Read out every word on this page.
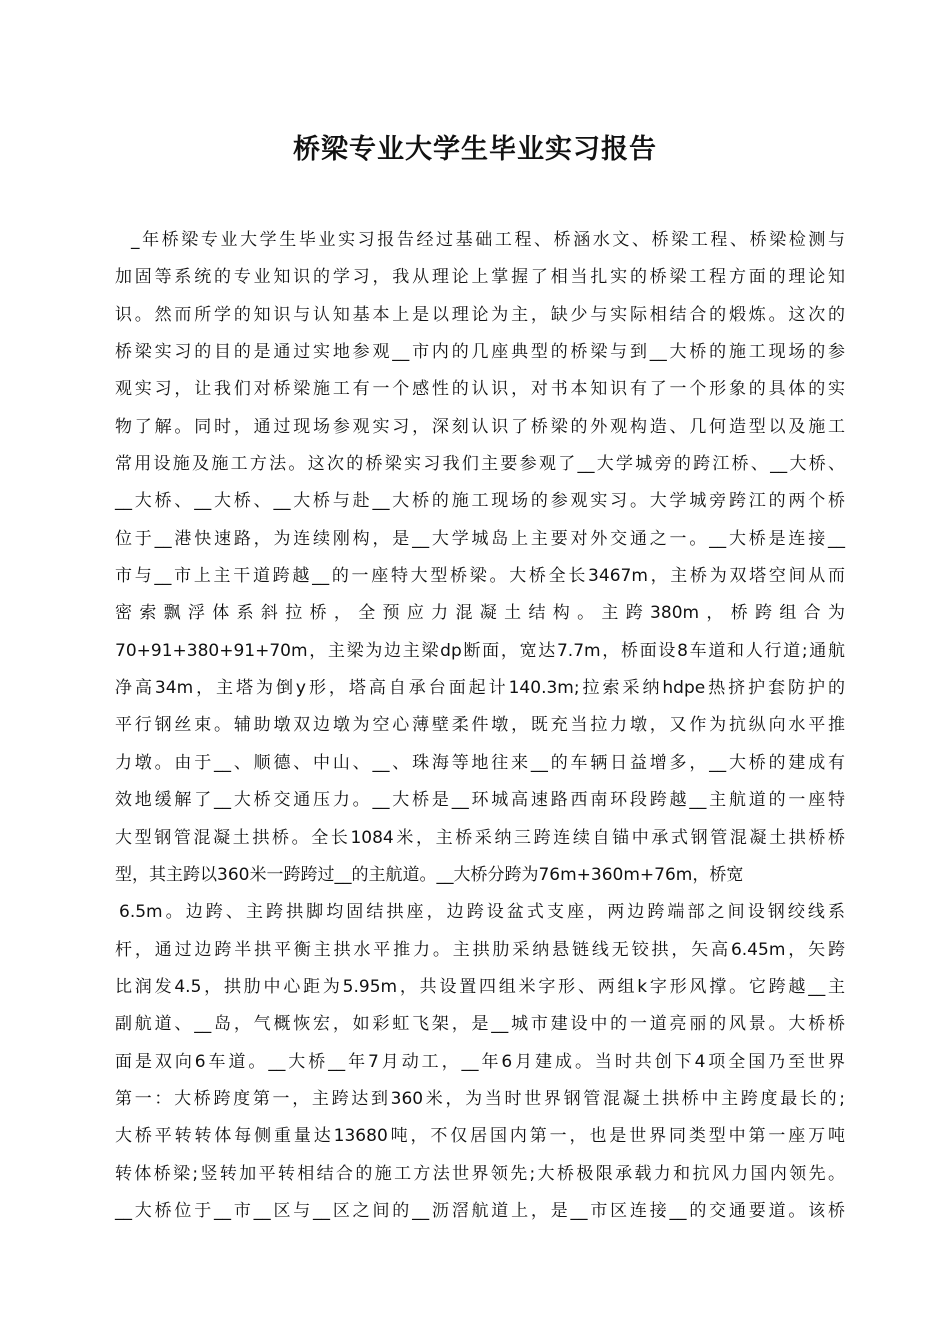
桥梁专业大学生毕业实习报告
_年桥梁专业大学生毕业实习报告经过基础工程、桥涵水文、桥梁工程、桥梁检测与
加固等系统的专业知识的学习，我从理论上掌握了相当扎实的桥梁工程方面的理论知
识。然而所学的知识与认知基本上是以理论为主，缺少与实际相结合的煅炼。这次的
桥梁实习的目的是通过实地参观__市内的几座典型的桥梁与到__大桥的施工现场的参
观实习，让我们对桥梁施工有一个感性的认识，对书本知识有了一个形象的具体的实
物了解。同时，通过现场参观实习，深刻认识了桥梁的外观构造、几何造型以及施工
常用设施及施工方法。这次的桥梁实习我们主要参观了__大学城旁的跨江桥、__大桥、
__大桥、__大桥、__大桥与赴__大桥的施工现场的参观实习。大学城旁跨江的两个桥
位于__港快速路，为连续刚构，是__大学城岛上主要对外交通之一。__大桥是连接__
市与__市上主干道跨越__的一座特大型桥梁。大桥全长3467m，主桥为双塔空间从而
密索飘浮体系斜拉桥，全预应力混凝土结构。主跨380m，桥跨组合为
70+91+380+91+70m，主梁为边主梁dp断面，宽达7.7m，桥面设8车道和人行道;通航
净高34m，主塔为倒y形，塔高自承台面起计140.3m;拉索采纳hdpe热挤护套防护的
平行钢丝束。辅助墩双边墩为空心薄壁柔件墩，既充当拉力墩，又作为抗纵向水平推
力墩。由于__、顺德、中山、__、珠海等地往来__的车辆日益增多，__大桥的建成有
效地缓解了__大桥交通压力。__大桥是__环城高速路西南环段跨越__主航道的一座特
大型钢管混凝土拱桥。全长1084米，主桥采纳三跨连续自锚中承式钢管混凝土拱桥桥
型，其主跨以360米一跨跨过__的主航道。__大桥分跨为76m+360m+76m，桥宽
6.5m。边跨、主跨拱脚均固结拱座，边跨设盆式支座，两边跨端部之间设钢绞线系
杆，通过边跨半拱平衡主拱水平推力。主拱肋采纳悬链线无铰拱，矢高6.45m，矢跨
比润发4.5，拱肋中心距为5.95m，共设置四组米字形、两组k字形风撑。它跨越__主
副航道、__岛，气概恢宏，如彩虹飞架，是__城市建设中的一道亮丽的风景。大桥桥
面是双向6车道。__大桥__年7月动工，__年6月建成。当时共创下4项全国乃至世界
第一：大桥跨度第一，主跨达到360米，为当时世界钢管混凝土拱桥中主跨度最长的;
大桥平转转体每侧重量达13680吨，不仅居国内第一，也是世界同类型中第一座万吨
转体桥梁;竖转加平转相结合的施工方法世界领先;大桥极限承载力和抗风力国内领先。
__大桥位于__市__区与__区之间的__沥滘航道上，是__市区连接__的交通要道。该桥
